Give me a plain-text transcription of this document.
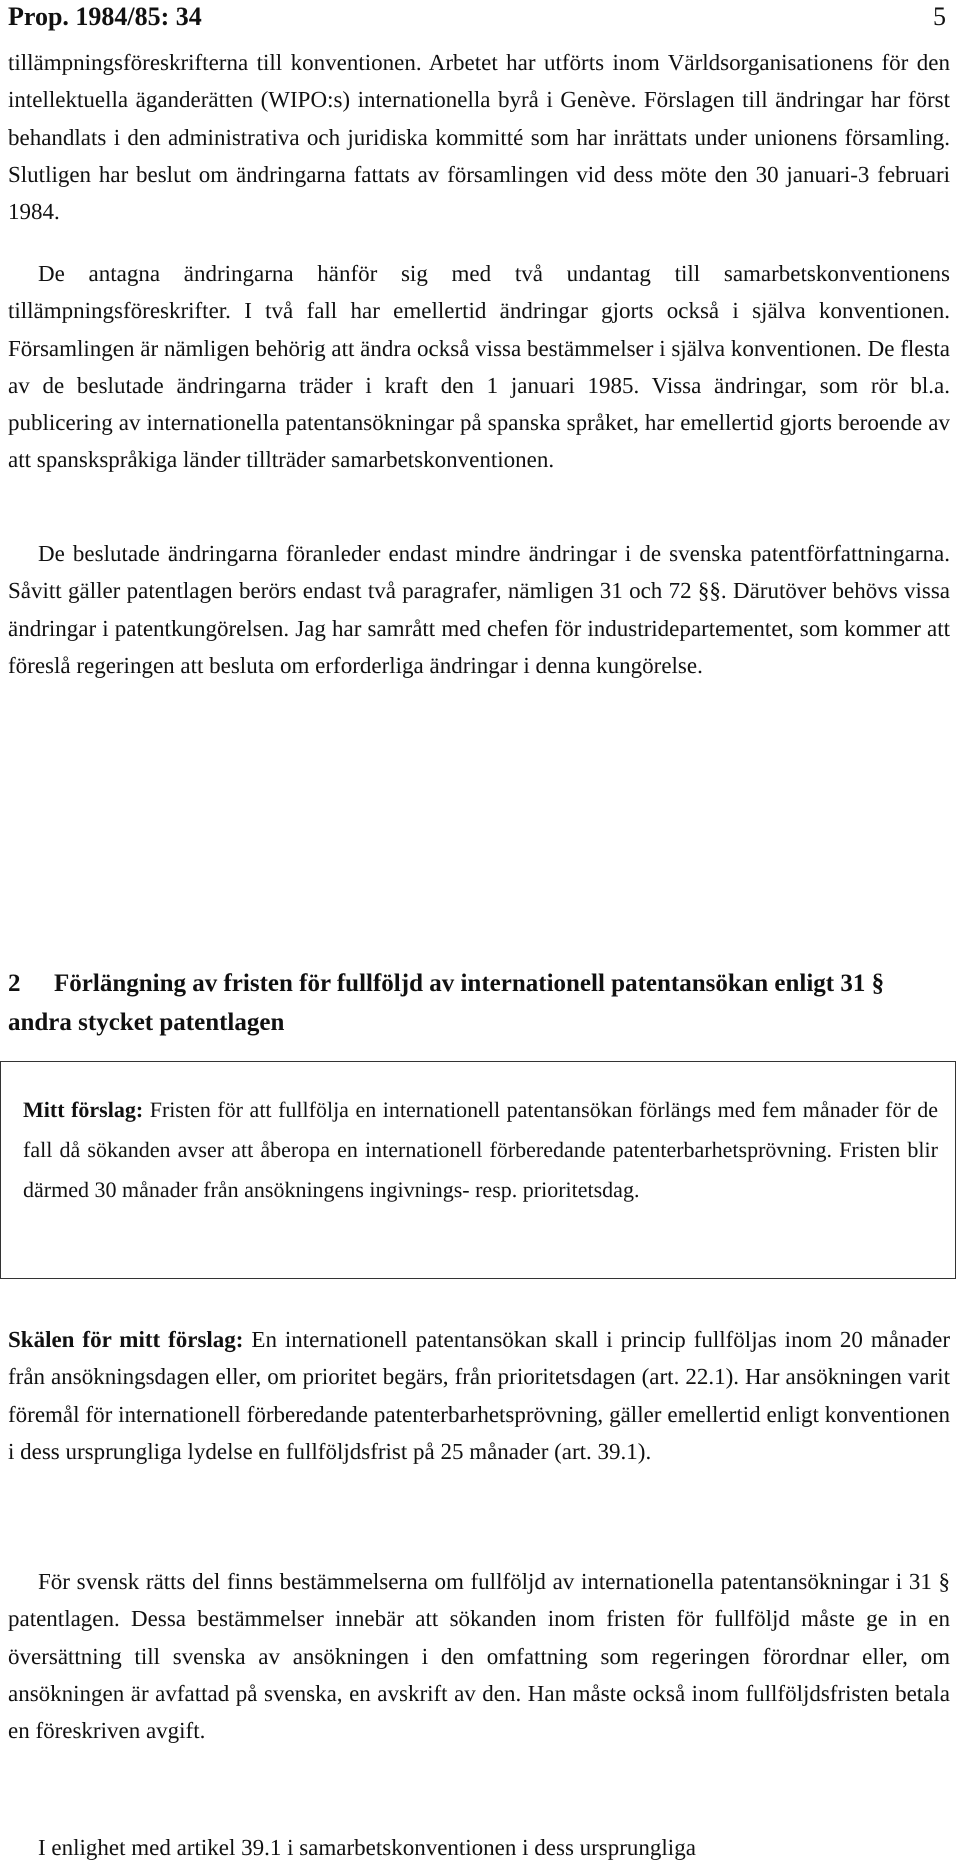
Prop. 1984/85: 34	5

tillämpningsföreskrifterna till konventionen. Arbetet har utförts inom Världsorganisationens för den intellektuella äganderätten (WIPO:s) internationella byrå i Genève. Förslagen till ändringar har först behandlats i den administrativa och juridiska kommitté som har inrättats under unionens församling. Slutligen har beslut om ändringarna fattats av församlingen vid dess möte den 30 januari-3 februari 1984.

De antagna ändringarna hänför sig med två undantag till samarbetskonventionens tillämpningsföreskrifter. I två fall har emellertid ändringar gjorts också i själva konventionen. Församlingen är nämligen behörig att ändra också vissa bestämmelser i själva konventionen. De flesta av de beslutade ändringarna träder i kraft den 1 januari 1985. Vissa ändringar, som rör bl.a. publicering av internationella patentansökningar på spanska språket, har emellertid gjorts beroende av att spanskspråkiga länder tillträder samarbetskonventionen.

De beslutade ändringarna föranleder endast mindre ändringar i de svenska patentförfattningarna. Såvitt gäller patentlagen berörs endast två paragrafer, nämligen 31 och 72 §§. Därutöver behövs vissa ändringar i patentkungörelsen. Jag har samrått med chefen för industridepartementet, som kommer att föreslå regeringen att besluta om erforderliga ändringar i denna kungörelse.

2 Förlängning av fristen för fullföljd av internationell patentansökan enligt 31 § andra stycket patentlagen

Mitt förslag: Fristen för att fullfölja en internationell patentansökan förlängs med fem månader för de fall då sökanden avser att åberopa en internationell förberedande patenterbarhetsprövning. Fristen blir därmed 30 månader från ansökningens ingivnings- resp. prioritetsdag.

Skälen för mitt förslag: En internationell patentansökan skall i princip fullföljas inom 20 månader från ansökningsdagen eller, om prioritet begärs, från prioritetsdagen (art. 22.1). Har ansökningen varit föremål för internationell förberedande patenterbarhetsprövning, gäller emellertid enligt konventionen i dess ursprungliga lydelse en fullföljdsfrist på 25 månader (art. 39.1).

För svensk rätts del finns bestämmelserna om fullföljd av internationella patentansökningar i 31 § patentlagen. Dessa bestämmelser innebär att sökanden inom fristen för fullföljd måste ge in en översättning till svenska av ansökningen i den omfattning som regeringen förordnar eller, om ansökningen är avfattad på svenska, en avskrift av den. Han måste också inom fullföljdsfristen betala en föreskriven avgift.

I enlighet med artikel 39.1 i samarbetskonventionen i dess ursprungliga
